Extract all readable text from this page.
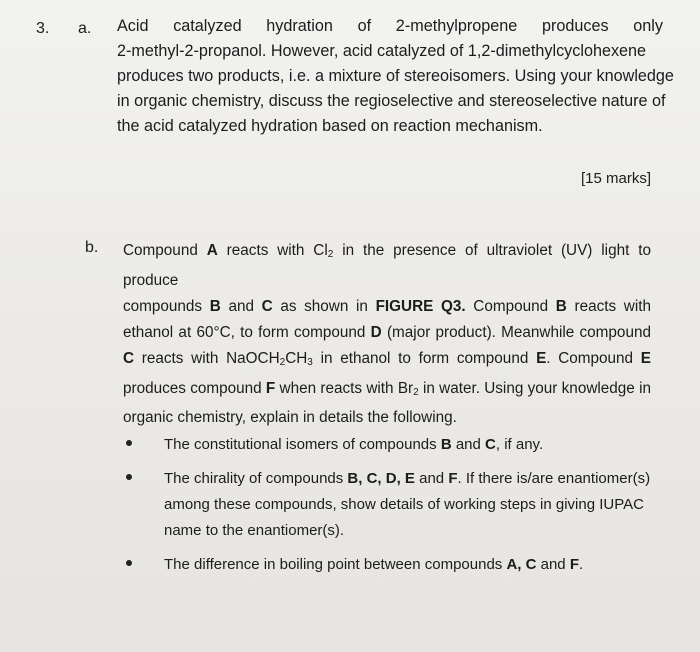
3. a. Acid catalyzed hydration of 2-methylpropene produces only
2-methyl-2-propanol. However, acid catalyzed of 1,2-dimethylcyclohexene
produces two products, i.e. a mixture of stereoisomers. Using your knowledge
in organic chemistry, discuss the regioselective and stereoselective nature of
the acid catalyzed hydration based on reaction mechanism.
[15 marks]
b. Compound A reacts with $Cl_2$ in the presence of ultraviolet (UV) light to produce
compounds B and C as shown in FIGURE Q3. Compound B reacts with
ethanol at 60°C, to form compound D (major product). Meanwhile compound
C reacts with $NaOCH_2CH_3$ in ethanol to form compound E. Compound E
produces compound F when reacts with $Br_2$ in water. Using your knowledge in
organic chemistry, explain in details the following.
The constitutional isomers of compounds B and C, if any.
The chirality of compounds B, C, D, E and F. If there is/are enantiomer(s)
among these compounds, show details of working steps in giving IUPAC
name to the enantiomer(s).
The difference in boiling point between compounds A, C and F.
